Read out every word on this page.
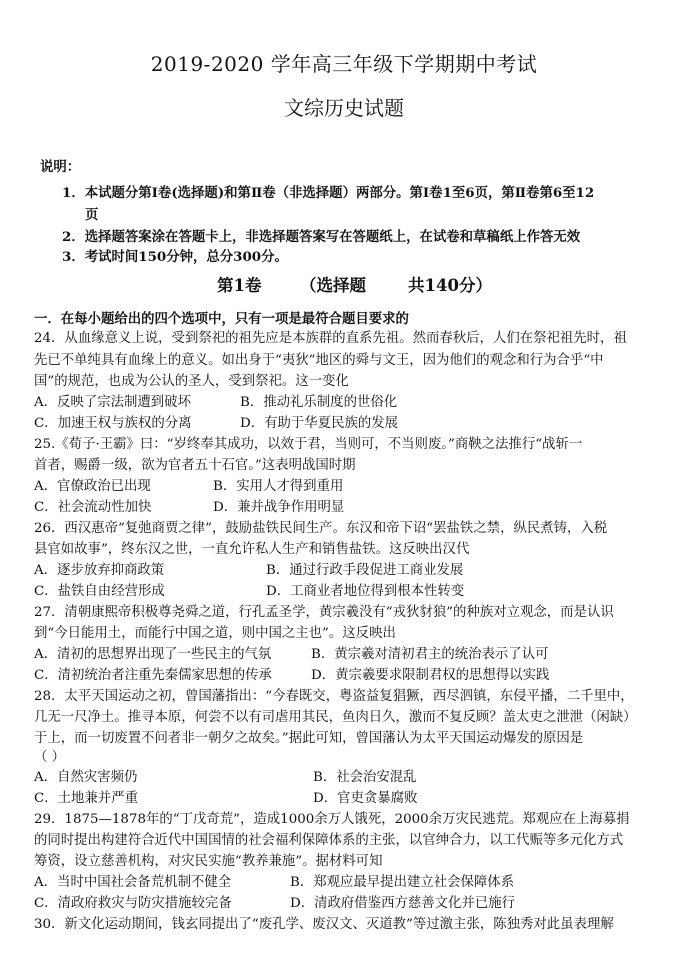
2019-2020 学年高三年级下学期期中考试
文综历史试题
说明：
1．本试题分第Ⅰ卷(选择题)和第Ⅱ卷（非选择题）两部分。第Ⅰ卷1至6页，第Ⅱ卷第6至12
页
2．选择题答案涂在答题卡上，非选择题答案写在答题纸上，在试卷和草稿纸上作答无效
3．考试时间150分钟，总分300分。
第1卷 （选择题	共140分）
一．在每小题给出的四个选项中，只有一项是最符合题目要求的
24．从血缘意义上说，受到祭祀的祖先应是本族群的直系先祖。然而春秋后，人们在祭祀祖先时，祖
先已不单纯具有血缘上的意义。如出身于“夷狄”地区的舜与文王，因为他们的观念和行为合乎“中
国”的规范，也成为公认的圣人，受到祭祀。这一变化
A．反映了宗法制遭到破坏	B．推动礼乐制度的世俗化
C．加速王权与族权的分离	D．有助于华夏民族的发展
25.《荀子·王霸》曰：“岁终奉其成功，以效于君，当则可，不当则废。”商鞅之法推行“战斩一
首者，赐爵一级，欲为官者五十石官。”这表明战国时期
A．官僚政治已出现	B．实用人才得到重用
C．社会流动性加快	D．兼并战争作用明显
26．西汉惠帝“复弛商贾之律”，鼓励盐铁民间生产。东汉和帝下诏“罢盐铁之禁，纵民煮铸，入税
县官如故事”，终东汉之世，一直允许私人生产和销售盐铁。这反映出汉代
A．逐步放弃抑商政策	B．通过行政手段促进工商业发展
C．盐铁自由经营形成	D．工商业者地位得到根本性转变
27．清朝康熙帝积极尊尧舜之道，行孔孟圣学，黄宗羲没有“戎狄豺狼”的种族对立观念，而是认识
到“今日能用土，而能行中国之道，则中国之主也”。这反映出
A．清初的思想界出现了一些民主的气氛	B．黄宗羲对清初君主的统治表示了认可
C．清初统治者注重先秦儒家思想的传承	D．黄宗羲要求限制君权的思想得以实践
28．太平天国运动之初，曾国藩指出：“今春既交，粤盗益复猖獗，西尽泗镇，东侵平播，二千里中，
几无一尺净土。推寻本原，何尝不以有司虐用其民，鱼肉日久，激而不复反顾？盖太吏之泄泄（闲缺）
于上，而一切废置不问者非一朝夕之故矣。”据此可知，曾国藩认为太平天国运动爆发的原因是
（ ）
A．自然灾害频仍	B．社会治安混乱
C．土地兼并严重	D．官吏贪暴腐败
29．1875—1878年的“丁戊奇荒”，造成1000余万人饿死，2000余万灾民逃荒。郑观应在上海募捐
的同时提出构建符合近代中国国情的社会福利保障体系的主张，以官绅合力，以工代赈等多元化方式
筹资，设立慈善机构，对灾民实施“教养兼施”。据材料可知
A．当时中国社会备荒机制不健全	B．郑观应最早提出建立社会保障体系
C．清政府救灾与防灾措施较完备	D．清政府借鉴西方慈善文化并已施行
30．新文化运动期间，钱玄同提出了“废孔学、废汉文、灭道教”等过激主张，陈独秀对此虽表理解
